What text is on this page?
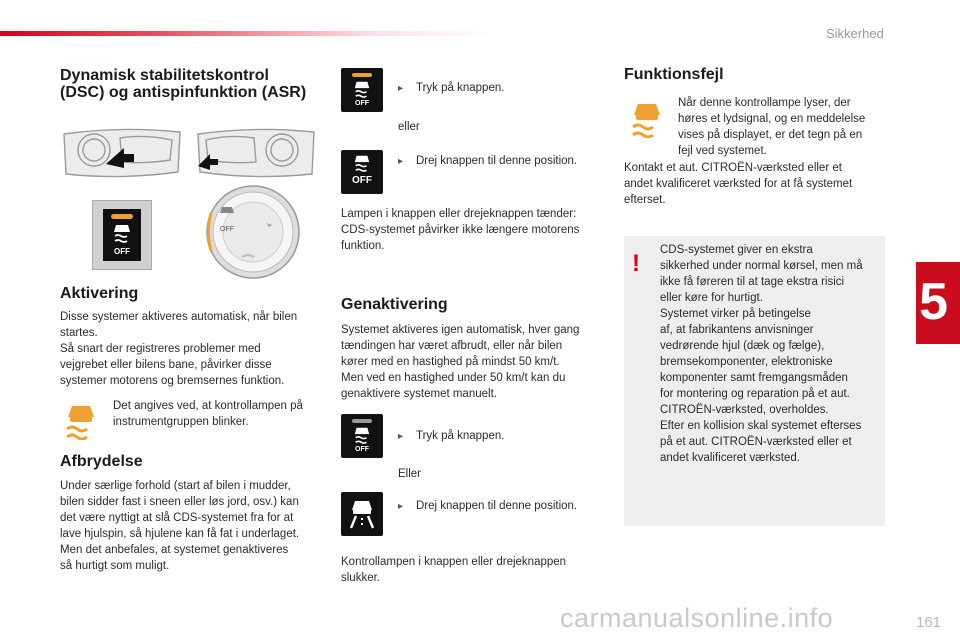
Sikkerhed
5
Dynamisk stabilitetskontrol
(DSC) og antispinfunktion (ASR)
OFF
OFF
Aktivering
Disse systemer aktiveres automatisk, når bilen
startes.
Så snart der registreres problemer med
vejgrebet eller bilens bane, påvirker disse
systemer motorens og bremsernes funktion.
Det angives ved, at kontrollampen på
instrumentgruppen blinker.
Afbrydelse
Under særlige forhold (start af bilen i mudder,
bilen sidder fast i sneen eller løs jord, osv.) kan
det være nyttigt at slå CDS-systemet fra for at
lave hjulspin, så hjulene kan få fat i underlaget.
Men det anbefales, at systemet genaktiveres
så hurtigt som muligt.
OFF
▸ Tryk på knappen.
eller
OFF
▸ Drej knappen til denne position.
Lampen i knappen eller drejeknappen tænder:
CDS-systemet påvirker ikke længere motorens
funktion.
Genaktivering
Systemet aktiveres igen automatisk, hver gang
tændingen har været afbrudt, eller når bilen
kører med en hastighed på mindst 50 km/t.
Men ved en hastighed under 50 km/t kan du
genaktivere systemet manuelt.
OFF
▸ Tryk på knappen.
Eller
▸ Drej knappen til denne position.
Kontrollampen i knappen eller drejeknappen
slukker.
Funktionsfejl
Når denne kontrollampe lyser, der
høres et lydsignal, og en meddelelse
vises på displayet, er det tegn på en
fejl ved systemet.
Kontakt et aut. CITROËN-værksted eller et
andet kvalificeret værksted for at få systemet
efterset.
! CDS-systemet giver en ekstra
sikkerhed under normal kørsel, men må
ikke få føreren til at tage ekstra risici
eller køre for hurtigt.
Systemet virker på betingelse
af, at fabrikantens anvisninger
vedrørende hjul (dæk og fælge),
bremsekomponenter, elektroniske
komponenter samt fremgangsmåden
for montering og reparation på et aut.
CITROËN-værksted, overholdes.
Efter en kollision skal systemet efterses
på et aut. CITROËN-værksted eller et
andet kvalificeret værksted.
carmanualsonline.info	161
